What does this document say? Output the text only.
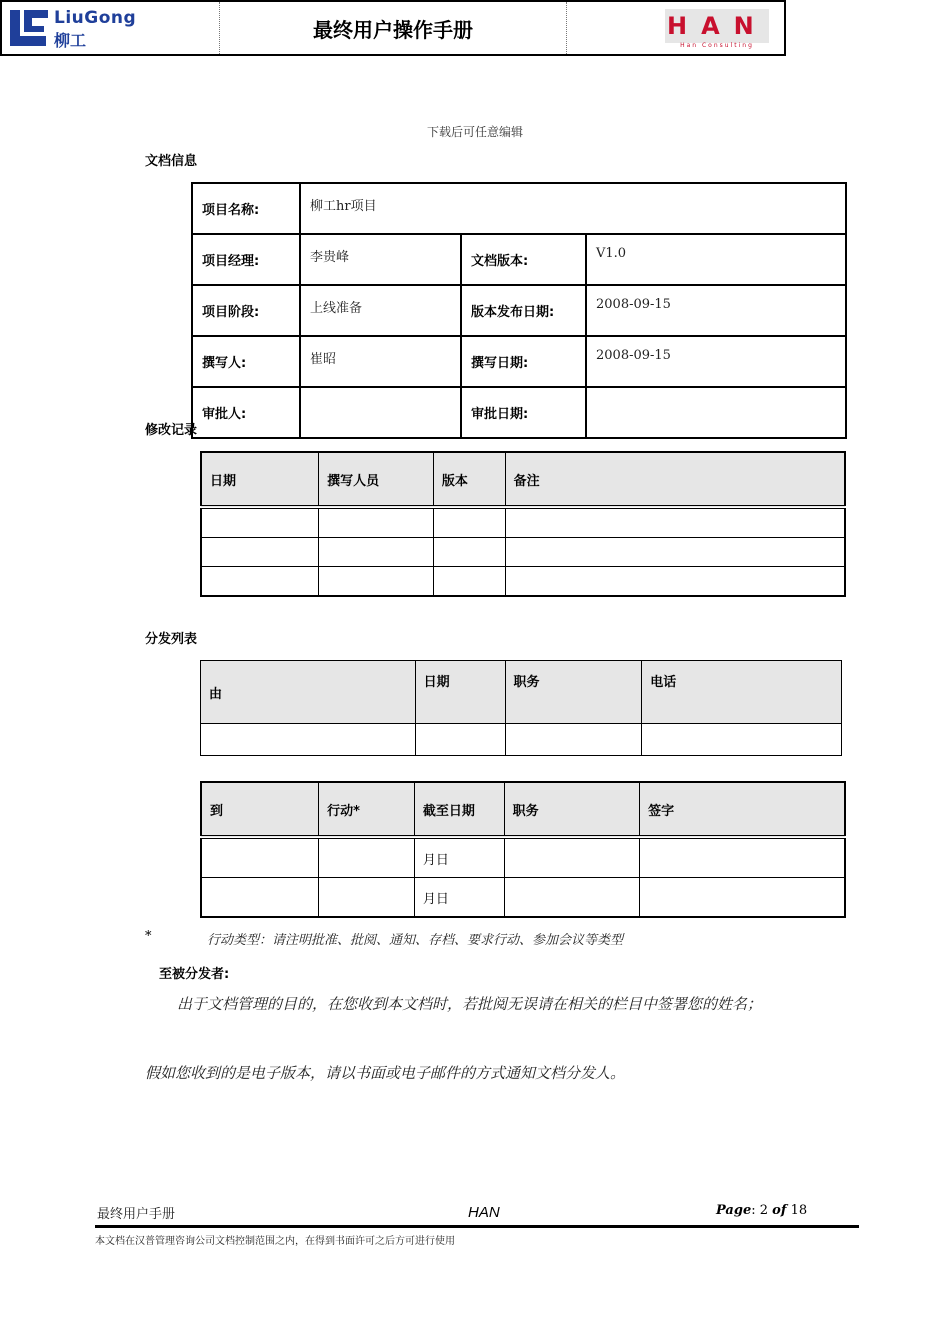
LiuGong
柳工	最终用户操作手册	HAN
Han Consulting
下载后可任意编辑
文档信息
项目名称:	柳工hr项目		
项目经理:	李贵峰	文档版本:	V1.0
项目阶段:	上线准备	版本发布日期:	2008-09-15
撰写人:	崔昭	撰写日期:	2008-09-15
审批人:		审批日期:	
修改记录
日期	撰写人员	版本	备注

分发列表
由	日期	职务	电话

到	行动*	截至日期	职务	签字
		月日		
		月日		
*	行动类型：请注明批准、批阅、通知、存档、要求行动、参加会议等类型
至被分发者:
出于文档管理的目的，在您收到本文档时，若批阅无误请在相关的栏目中签署您的姓名；
假如您收到的是电子版本，请以书面或电子邮件的方式通知文档分发人。
最终用户手册	HAN	Page: 2 of 18
本文档在汉普管理咨询公司文档控制范围之内，在得到书面许可之后方可进行使用
